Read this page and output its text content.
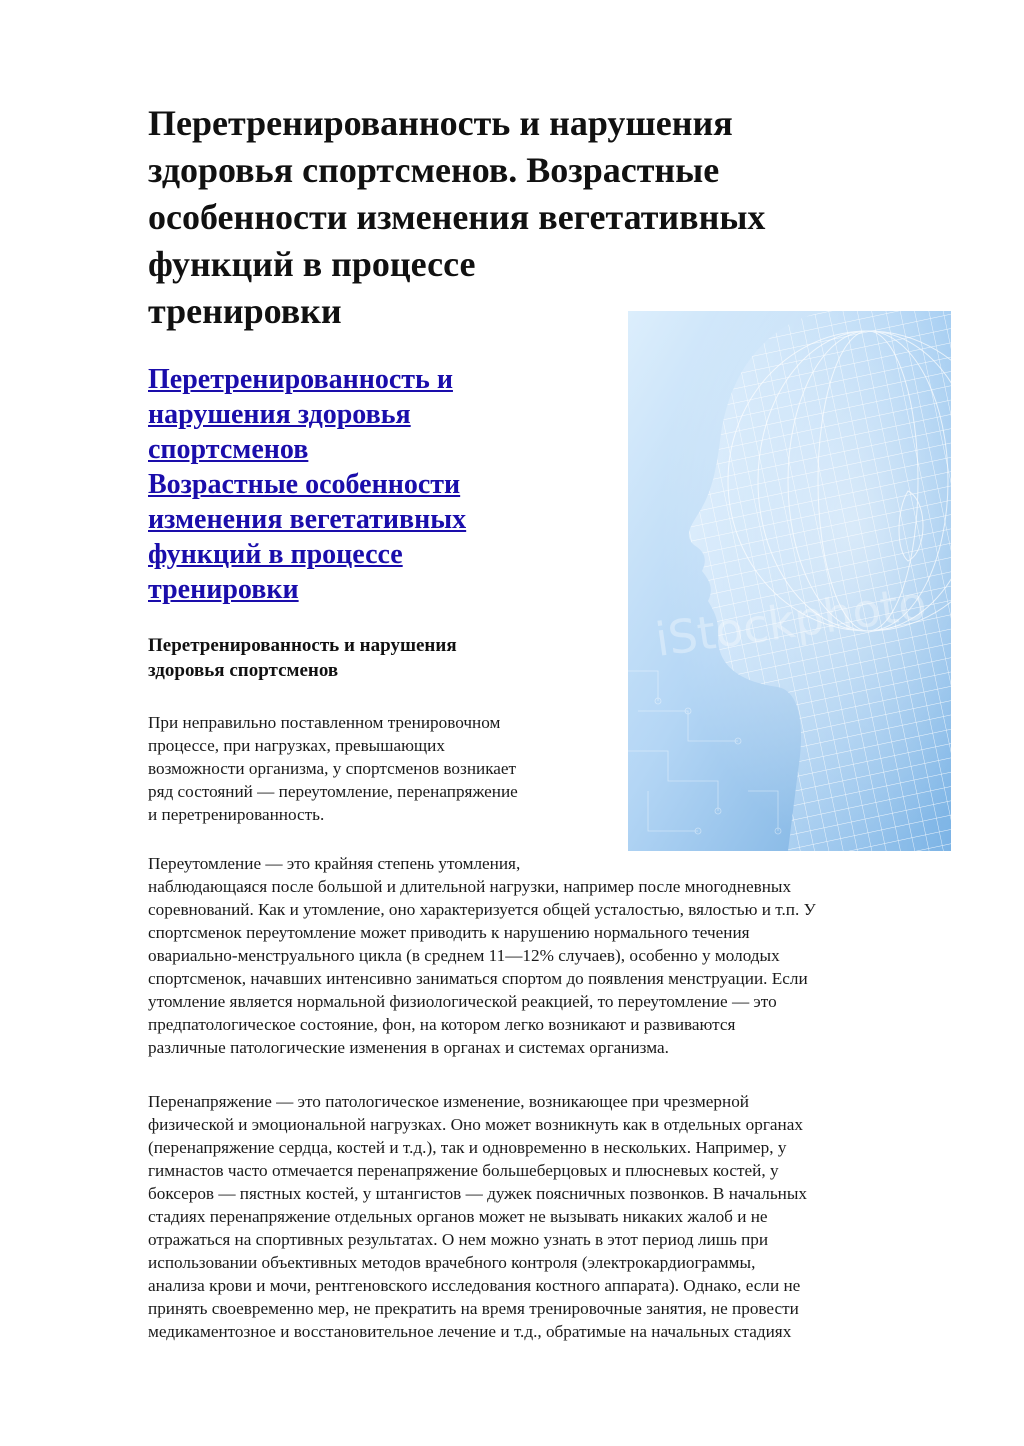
Перетренированность и нарушения
здоровья спортсменов. Возрастные
особенности изменения вегетативных
функций в процессе
тренировки
iStockphoto
Перетренированность и
нарушения здоровья
спортсменов
Возрастные особенности
изменения вегетативных
функций в процессе
тренировки
Перетренированность и нарушения
здоровья спортсменов

При неправильно поставленном тренировочном
процессе, при нагрузках, превышающих
возможности организма, у спортсменов возникает
ряд состояний — переутомление, перенапряжение
и перетренированность.

Переутомление — это крайняя степень утомления,
наблюдающаяся после большой и длительной нагрузки, например после многодневных
соревнований. Как и утомление, оно характеризуется общей усталостью, вялостью и т.п. У
спортсменок переутомление может приводить к нарушению нормального течения
овариально-менструального цикла (в среднем 11—12% случаев), особенно у молодых
спортсменок, начавших интенсивно заниматься спортом до появления менструации. Если
утомление является нормальной физиологической реакцией, то переутомление — это
предпатологическое состояние, фон, на котором легко возникают и развиваются
различные патологические изменения в органах и системах организма.

Перенапряжение — это патологическое изменение, возникающее при чрезмерной
физической и эмоциональной нагрузках. Оно может возникнуть как в отдельных органах
(перенапряжение сердца, костей и т.д.), так и одновременно в нескольких. Например, у
гимнастов часто отмечается перенапряжение большеберцовых и плюсневых костей, у
боксеров — пястных костей, у штангистов — дужек поясничных позвонков. В начальных
стадиях перенапряжение отдельных органов может не вызывать никаких жалоб и не
отражаться на спортивных результатах. О нем можно узнать в этот период лишь при
использовании объективных методов врачебного контроля (электрокардиограммы,
анализа крови и мочи, рентгеновского исследования костного аппарата). Однако, если не
принять своевременно мер, не прекратить на время тренировочные занятия, не провести
медикаментозное и восстановительное лечение и т.д., обратимые на начальных стадиях
